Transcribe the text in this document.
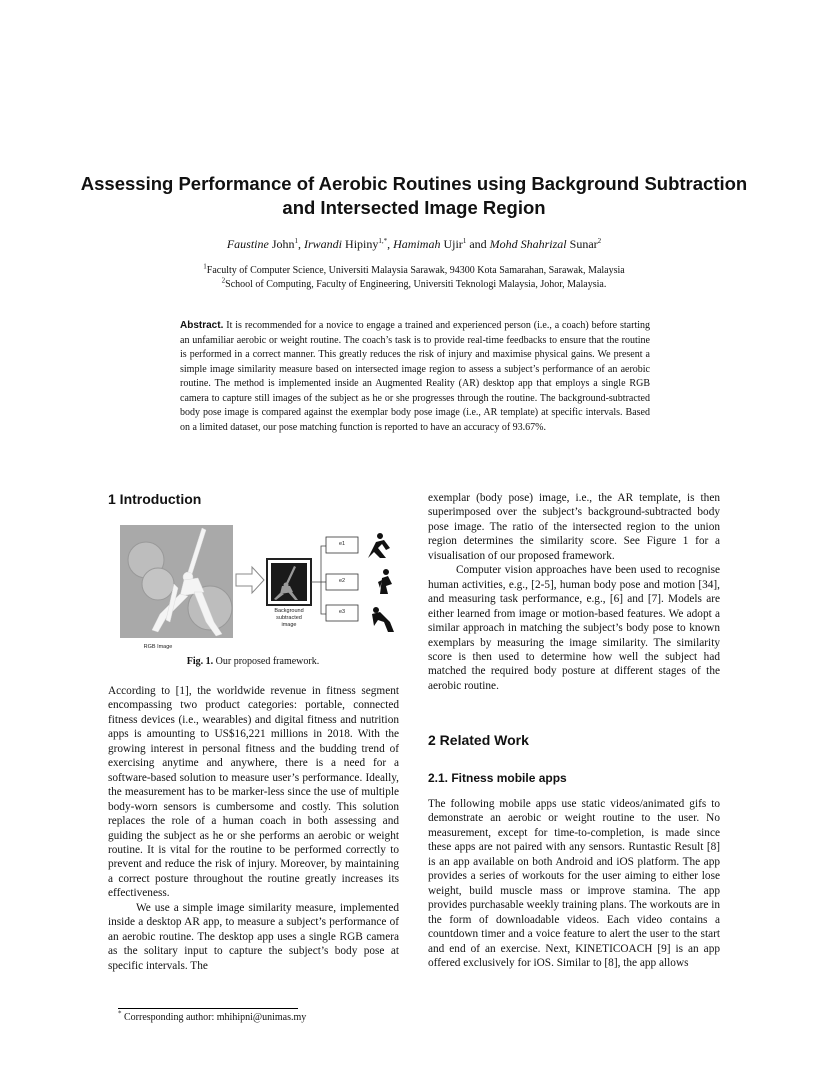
Assessing Performance of Aerobic Routines using Background Subtraction and Intersected Image Region
Faustine John$^1$, Irwandi Hipiny$^{1,*}$, Hamimah Ujir$^1$ and Mohd Shahrizal Sunar$^2$
$^1$Faculty of Computer Science, Universiti Malaysia Sarawak, 94300 Kota Samarahan, Sarawak, Malaysia
$^2$School of Computing, Faculty of Engineering, Universiti Teknologi Malaysia, Johor, Malaysia.
Abstract. It is recommended for a novice to engage a trained and experienced person (i.e., a coach) before starting an unfamiliar aerobic or weight routine. The coach’s task is to provide real-time feedbacks to ensure that the routine is performed in a correct manner. This greatly reduces the risk of injury and maximise physical gains. We present a simple image similarity measure based on intersected image region to assess a subject’s performance of an aerobic routine. The method is implemented inside an Augmented Reality (AR) desktop app that employs a single RGB camera to capture still images of the subject as he or she progresses through the routine. The background-subtracted body pose image is compared against the exemplar body pose image (i.e., AR template) at specific intervals. Based on a limited dataset, our pose matching function is reported to have an accuracy of 93.67%.
1 Introduction
RGB Image
Background
subtracted
image
e1
e2
e3
Fig. 1. Our proposed framework.

According to [1], the worldwide revenue in fitness segment encompassing two product categories: portable, connected fitness devices (i.e., wearables) and digital fitness and nutrition apps is amounting to US$16,221 millions in 2018. With the growing interest in personal fitness and the budding trend of exercising anytime and anywhere, there is a need for a software-based solution to measure user’s performance. Ideally, the measurement has to be marker-less since the use of multiple body-worn sensors is cumbersome and costly. This solution replaces the role of a human coach in both assessing and guiding the subject as he or she performs an aerobic or weight routine. It is vital for the routine to be performed correctly to prevent and reduce the risk of injury. Moreover, by maintaining a correct posture throughout the routine greatly increases its effectiveness.

We use a simple image similarity measure, implemented inside a desktop AR app, to measure a subject’s performance of an aerobic routine. The desktop app uses a single RGB camera as the solitary input to capture the subject’s body pose at specific intervals. The

exemplar (body pose) image, i.e., the AR template, is then superimposed over the subject’s background-subtracted body pose image. The ratio of the intersected region to the union region determines the similarity score. See Figure 1 for a visualisation of our proposed framework.

Computer vision approaches have been used to recognise human activities, e.g., [2-5], human body pose and motion [34], and measuring task performance, e.g., [6] and [7]. Models are either learned from image or motion-based features. We adopt a similar approach in matching the subject’s body pose to known exemplars by measuring the image similarity. The similarity score is then used to determine how well the subject had matched the required body posture at different stages of the aerobic routine.

2 Related Work
2.1. Fitness mobile apps

The following mobile apps use static videos/animated gifs to demonstrate an aerobic or weight routine to the user. No measurement, except for time-to-completion, is made since these apps are not paired with any sensors. Runtastic Result [8] is an app available on both Android and iOS platform. The app provides a series of workouts for the user aiming to either lose weight, build muscle mass or improve stamina. The app provides purchasable weekly training plans. The workouts are in the form of downloadable videos. Each video contains a countdown timer and a voice feature to alert the user to the start and end of an exercise. Next, KINETICOACH [9] is an app offered exclusively for iOS. Similar to [8], the app allows

* Corresponding author: mhihipni@unimas.my
